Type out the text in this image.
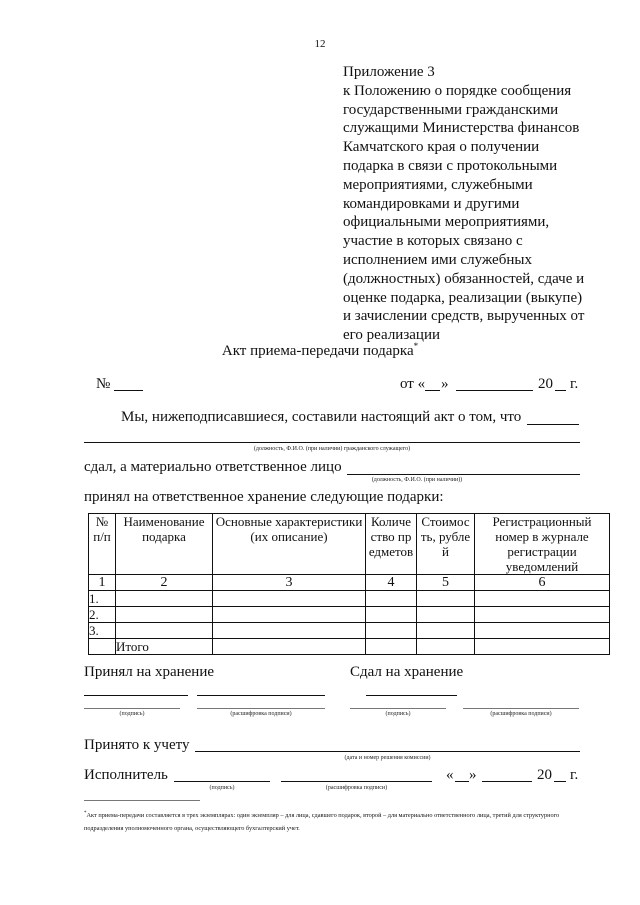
12
Приложение 3
к Положению о порядке сообщения
государственными гражданскими
служащими Министерства финансов
Камчатского края о получении
подарка в связи с протокольными
мероприятиями, служебными
командировками и другими
официальными мероприятиями,
участие в которых связано с
исполнением ими служебных
(должностных) обязанностей, сдаче и
оценке подарка, реализации (выкупе)
и зачислении средств, вырученных от
его реализации
Акт приема-передачи подарка*
№	от « »	20 г.
Мы, нижеподписавшиеся, составили настоящий акт о том, что
(должность, Ф.И.О. (при наличии) гражданского служащего)
сдал, а материально ответственное лицо
(должность, Ф.И.О. (при наличии))
принял на ответственное хранение следующие подарки:
№ п/п	Наименование подарка	Основные характеристики (их описание)	Количество предметов	Стоимость, рублей	Регистрационный номер в журнале регистрации уведомлений
1	2	3	4	5	6
1.					
2.					
3.					
	Итого				
Принял на хранение	Сдал на хранение
(подпись)	(расшифровка подписи)	(подпись)	(расшифровка подписи)
Принято к учету
(дата и номер решения комиссии)
Исполнитель	« »	20 г.
(подпись)	(расшифровка подписи)
*Акт приема-передачи составляется в трех экземплярах: один экземпляр – для лица, сдавшего подарок, второй – для материально ответственного лица, третий для структурного подразделения уполномоченного органа, осуществляющего бухгалтерский учет.
